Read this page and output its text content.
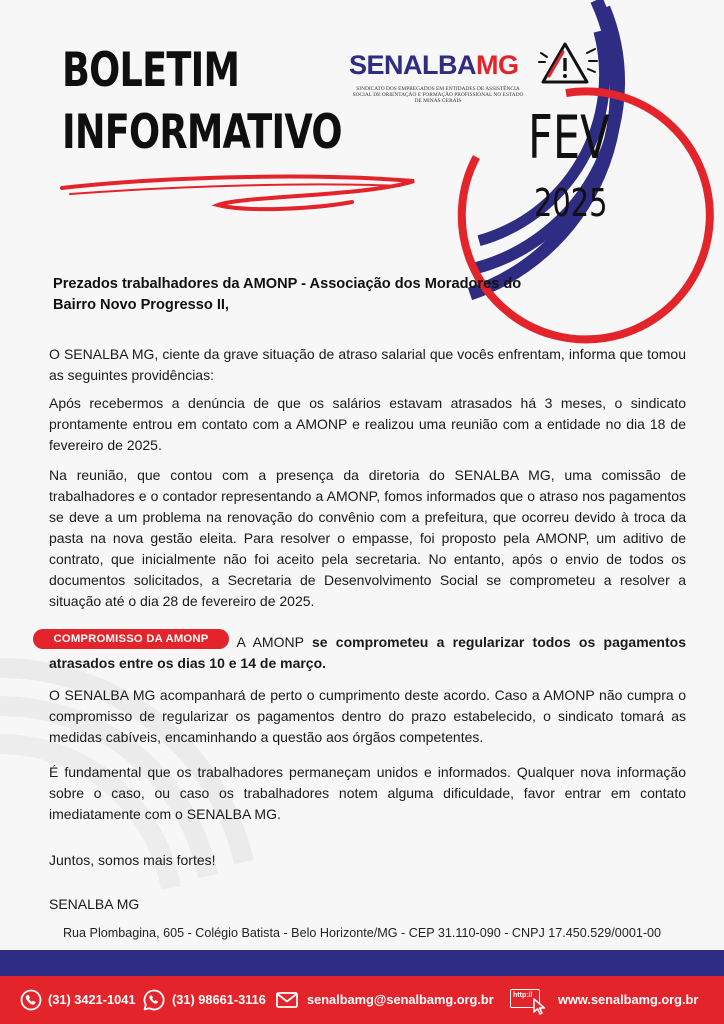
BOLETIM
INFORMATIVO
SENALBAMG
SINDICATO DOS EMPREGADOS EM ENTIDADES DE ASSISTÊNCIA SOCIAL DE ORIENTAÇÃO E FORMAÇÃO PROFISSIONAL NO ESTADO DE MINAS GERAIS
FEV
2025
Prezados trabalhadores da AMONP - Associação dos Moradores do Bairro Novo Progresso II,

O SENALBA MG, ciente da grave situação de atraso salarial que vocês enfrentam, informa que tomou as seguintes providências:

Após recebermos a denúncia de que os salários estavam atrasados há 3 meses, o sindicato prontamente entrou em contato com a AMONP e realizou uma reunião com a entidade no dia 18 de fevereiro de 2025.

Na reunião, que contou com a presença da diretoria do SENALBA MG, uma comissão de trabalhadores e o contador representando a AMONP, fomos informados que o atraso nos pagamentos se deve a um problema na renovação do convênio com a prefeitura, que ocorreu devido à troca da pasta na nova gestão eleita. Para resolver o empasse, foi proposto pela AMONP, um aditivo de contrato, que inicialmente não foi aceito pela secretaria. No entanto, após o envio de todos os documentos solicitados, a Secretaria de Desenvolvimento Social se comprometeu a resolver a situação até o dia 28 de fevereiro de 2025.

A AMONP se comprometeu a regularizar todos os pagamentos atrasados entre os dias 10 e 14 de março.

COMPROMISSO DA AMONP

O SENALBA MG acompanhará de perto o cumprimento deste acordo. Caso a AMONP não cumpra o compromisso de regularizar os pagamentos dentro do prazo estabelecido, o sindicato tomará as medidas cabíveis, encaminhando a questão aos órgãos competentes.

É fundamental que os trabalhadores permaneçam unidos e informados. Qualquer nova informação sobre o caso, ou caso os trabalhadores notem alguma dificuldade, favor entrar em contato imediatamente com o SENALBA MG.

Juntos, somos mais fortes!

SENALBA MG

Rua Plombagina, 605 - Colégio Batista - Belo Horizonte/MG - CEP 31.110-090 - CNPJ 17.450.529/0001-00
(31) 3421-1041	(31) 98661-3116	senalbamg@senalbamg.org.br	http:// www.senalbamg.org.br
